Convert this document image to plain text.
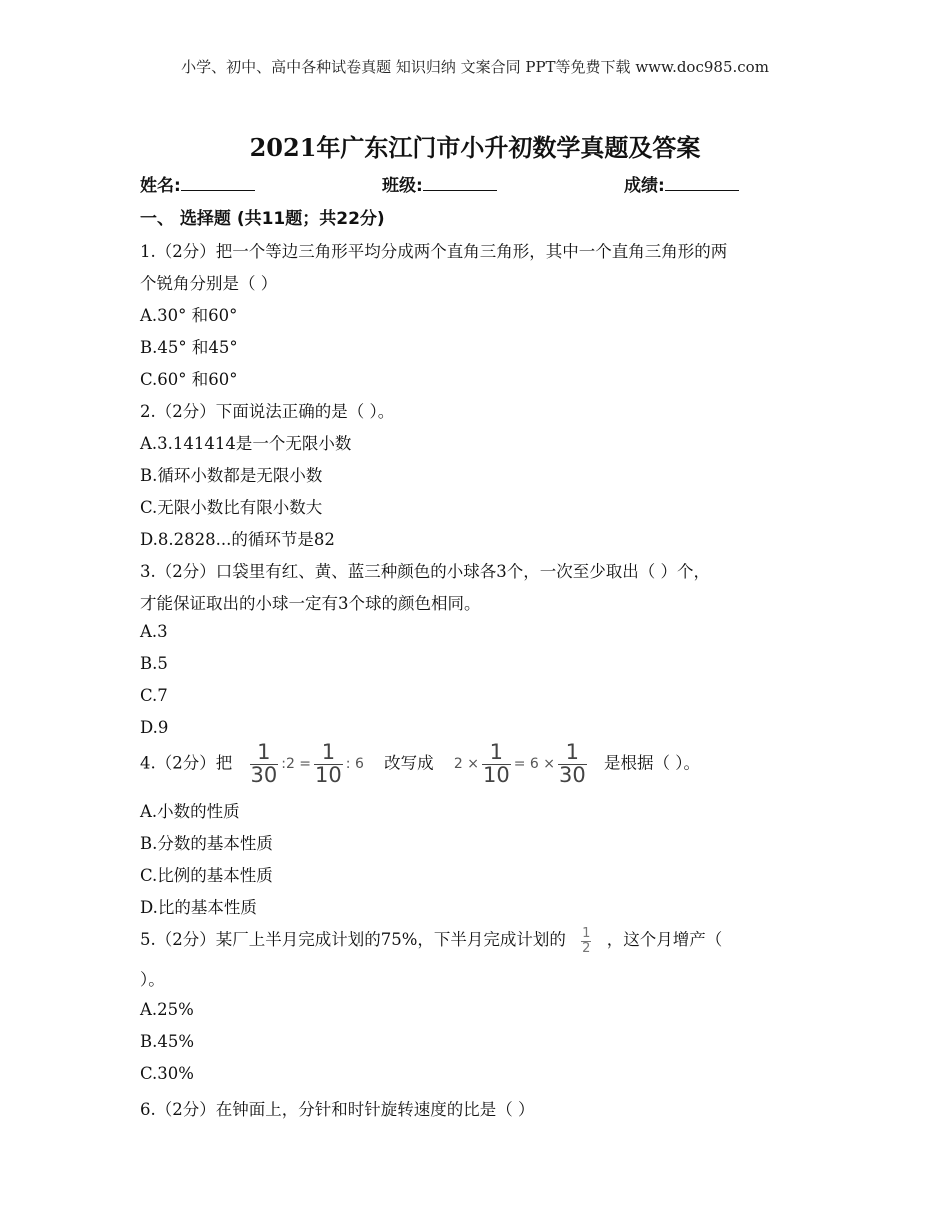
小学、初中、高中各种试卷真题 知识归纳 文案合同 PPT等免费下载 www.doc985.com
2021年广东江门市小升初数学真题及答案
姓名:	班级:	成绩:
一、 选择题 (共11题；共22分)
1.（2分）把一个等边三角形平均分成两个直角三角形，其中一个直角三角形的两
个锐角分别是（ ）
A.30° 和60°
B.45° 和45°
C.60° 和60°
2.（2分）下面说法正确的是（ ）。
A.3.141414是一个无限小数
B.循环小数都是无限小数
C.无限小数比有限小数大
D.8.2828...的循环节是82
3.（2分）口袋里有红、黄、蓝三种颜色的小球各3个，一次至少取出（ ）个，
才能保证取出的小球一定有3个球的颜色相同。
A.3
B.5
C.7
D.9
4.（2分）把 $\frac{1}{30}$ :2 = $\frac{1}{10}$ : 6 改写成 $2 \times \frac{1}{10} = 6 \times \frac{1}{30}$ 是根据（ ）。
A.小数的性质
B.分数的基本性质
C.比例的基本性质
D.比的基本性质
5.（2分）某厂上半月完成计划的75%，下半月完成计划的 $\frac{1}{2}$ ，这个月增产（
）。
A.25%
B.45%
C.30%
6.（2分）在钟面上，分针和时针旋转速度的比是（ ）
